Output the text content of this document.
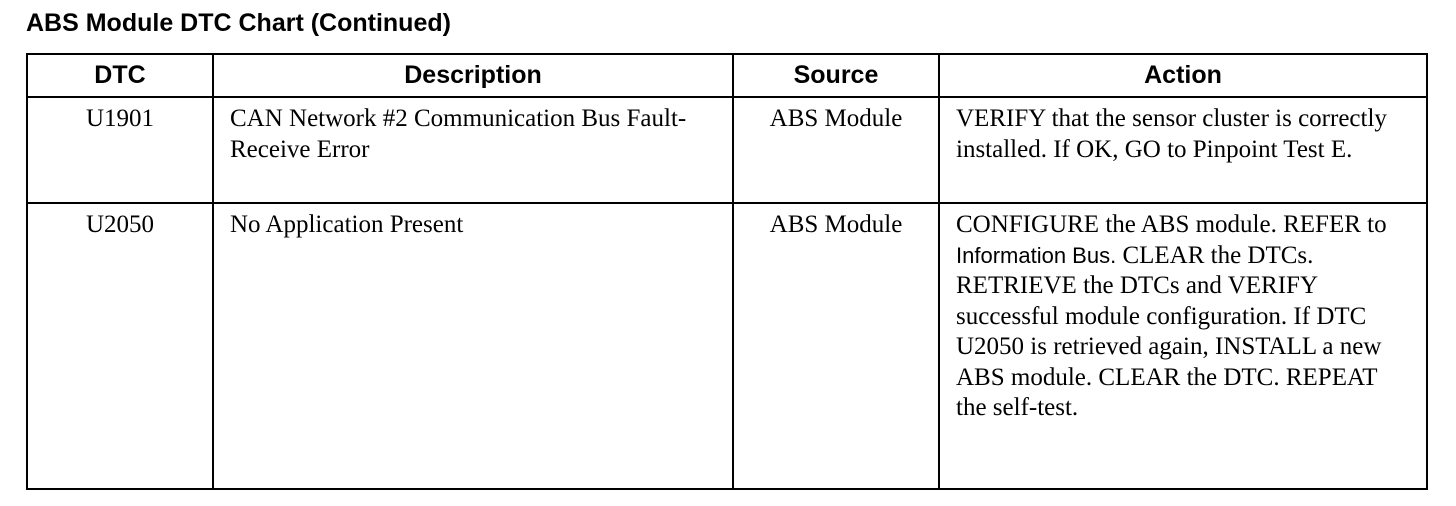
ABS Module DTC Chart (Continued)
DTC	Description	Source	Action
U1901	CAN Network #2 Communication Bus Fault-Receive Error	ABS Module	VERIFY that the sensor cluster is correctly installed. If OK, GO to Pinpoint Test E.
U2050	No Application Present	ABS Module	CONFIGURE the ABS module. REFER to Information Bus. CLEAR the DTCs. RETRIEVE the DTCs and VERIFY successful module configuration. If DTC U2050 is retrieved again, INSTALL a new ABS module. CLEAR the DTC. REPEAT the self-test.
